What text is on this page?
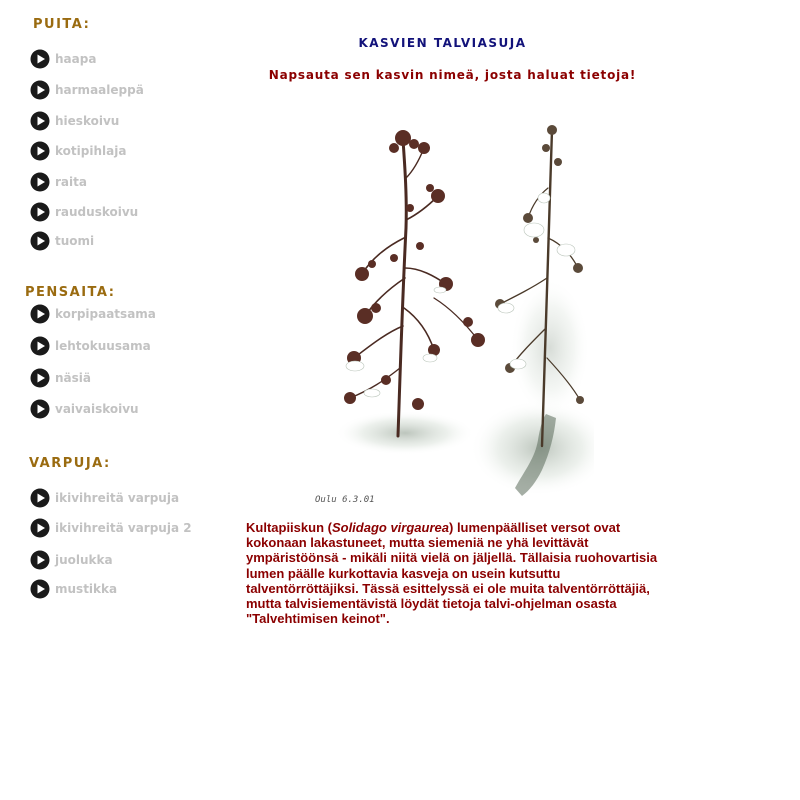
PUITA:
haapa
harmaaleppä
hieskoivu
kotipihlaja
raita
rauduskoivu
tuomi
PENSAITA:
korpipaatsama
lehtokuusama
näsiä
vaivaiskoivu
VARPUJA:
ikivihreitä varpuja
ikivihreitä varpuja 2
juolukka
mustikka
KASVIEN TALVIASUJA
Napsauta sen kasvin nimeä, josta haluat tietoja!
Oulu 6.3.01
Kultapiiskun (Solidago virgaurea) lumenpäälliset versot ovat kokonaan lakastuneet, mutta siemeniä ne yhä levittävät ympäristöönsä - mikäli niitä vielä on jäljellä. Tällaisia ruohovartisia lumen päälle kurkottavia kasveja on usein kutsuttu talventörröttäjiksi. Tässä esittelyssä ei ole muita talventörröttäjiä, mutta talvisiementävistä löydät tietoja talvi-ohjelman osasta "Talvehtimisen keinot".
